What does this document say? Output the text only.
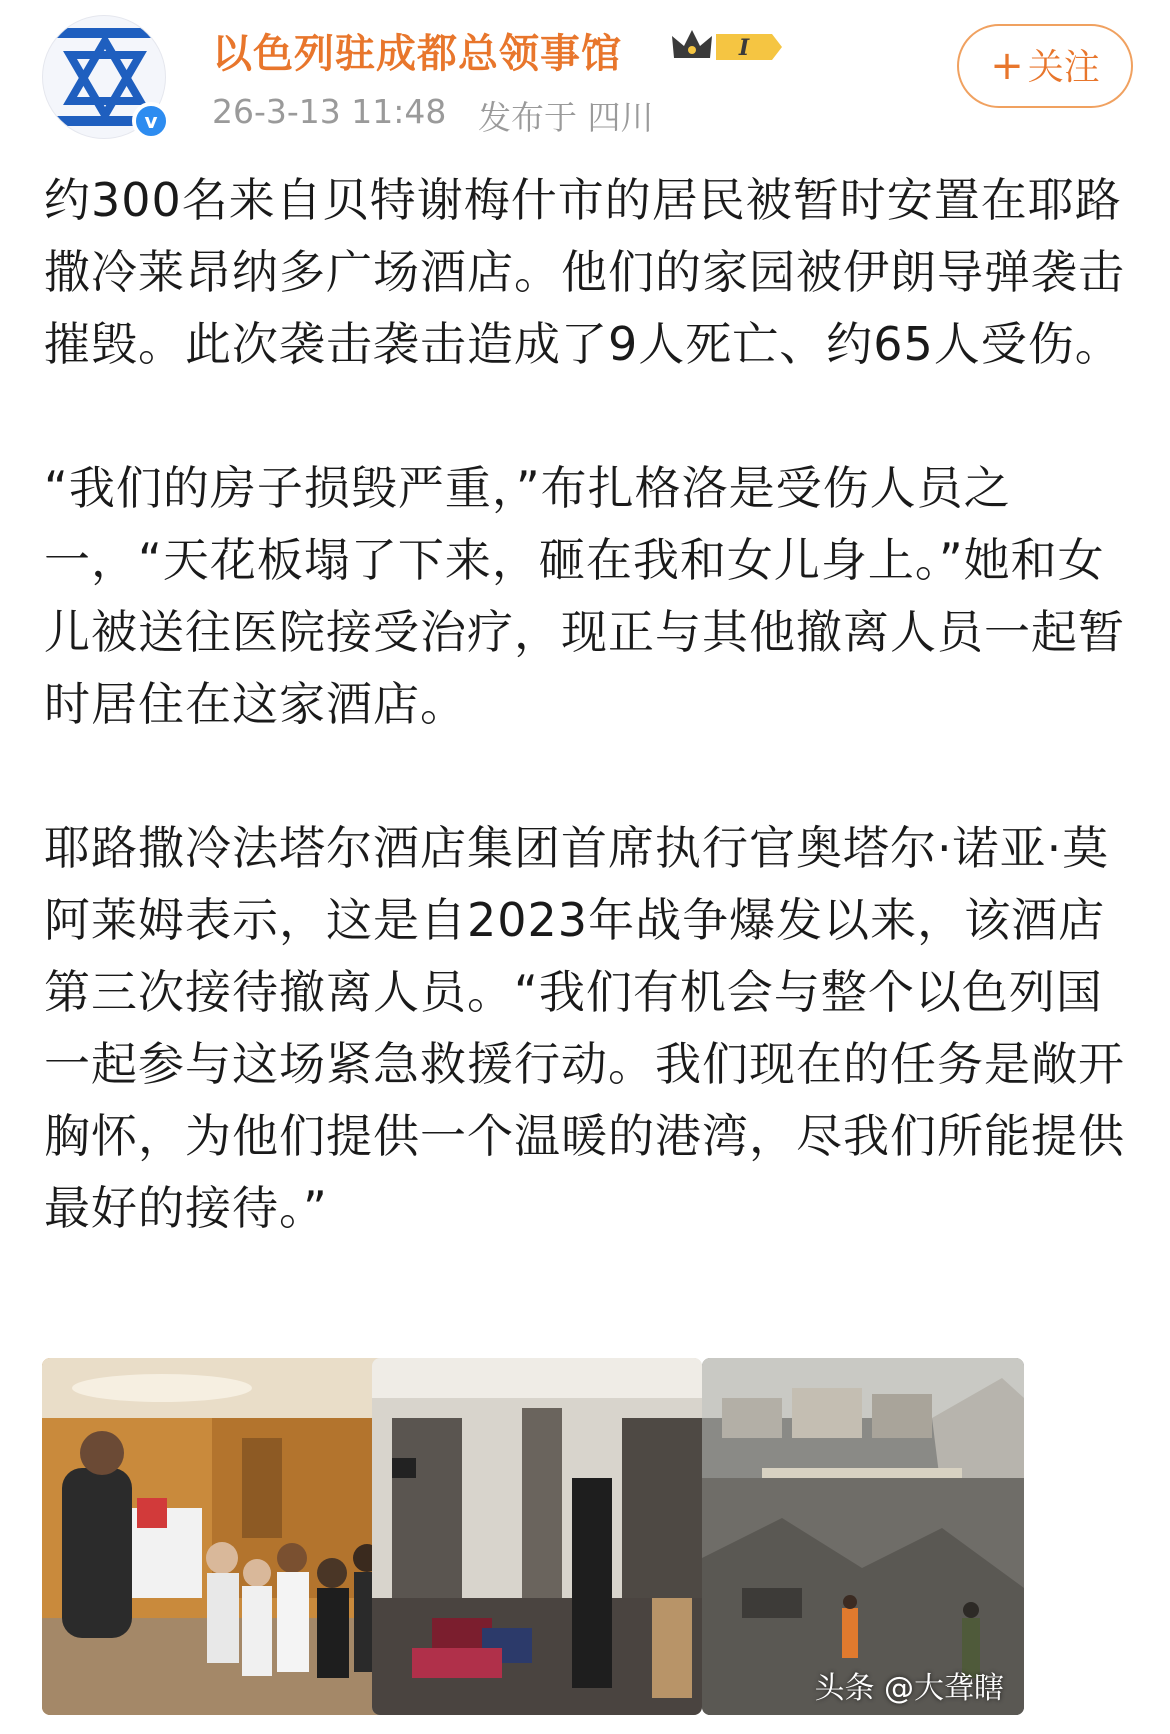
v
以色列驻成都总领事馆	I
26-3-13 11:48 发布于 四川
+ 关注

约300名来自贝特谢梅什市的居民被暂时安置在耶路撒冷莱昂纳多广场酒店。他们的家园被伊朗导弹袭击摧毁。此次袭击袭击造成了9人死亡、约65人受伤。

“我们的房子损毁严重，”布扎格洛是受伤人员之一，“天花板塌了下来，砸在我和女儿身上。”她和女儿被送往医院接受治疗，现正与其他撤离人员一起暂时居住在这家酒店。

耶路撒冷法塔尔酒店集团首席执行官奥塔尔·诺亚·莫阿莱姆表示，这是自2023年战争爆发以来，该酒店第三次接待撤离人员。“我们有机会与整个以色列国一起参与这场紧急救援行动。我们现在的任务是敞开胸怀，为他们提供一个温暖的港湾，尽我们所能提供最好的接待。”

头条 @大聋瞎
